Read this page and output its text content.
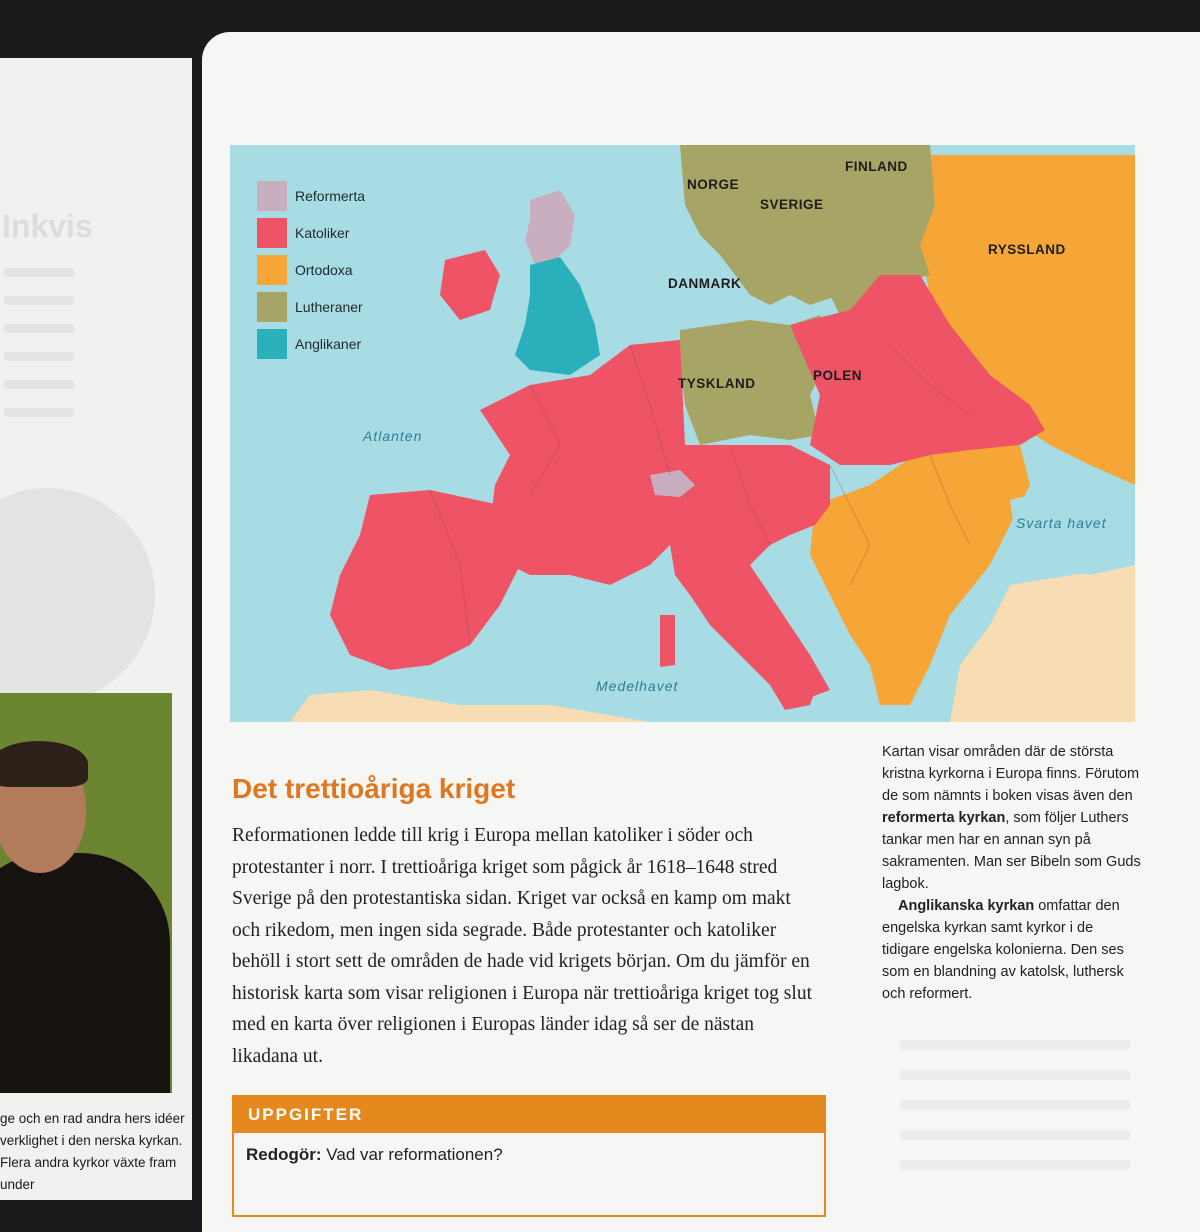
Inkvis
ge och en rad andra hers idéer verklighet i den nerska kyrkan. Flera andra kyrkor växte fram under
Reformerta
Katoliker
Ortodoxa
Lutheraner
Anglikaner
NORGE
SVERIGE
FINLAND
RYSSLAND
DANMARK
TYSKLAND
POLEN
Atlanten
Svarta havet
Medelhavet

Kartan visar områden där de största kristna kyrkorna i Europa finns. Förutom de som nämnts i boken visas även den reformerta kyrkan, som följer Luthers tankar men har en annan syn på sakramenten. Man ser Bibeln som Guds lagbok.

Anglikanska kyrkan omfattar den engelska kyrkan samt kyrkor i de tidigare engelska kolonierna. Den ses som en blandning av katolsk, luthersk och reformert.

Det trettioåriga kriget

Reformationen ledde till krig i Europa mellan katoliker i söder och protestanter i norr. I trettioåriga kriget som pågick år 1618–1648 stred Sverige på den protestantiska sidan. Kriget var också en kamp om makt och rikedom, men ingen sida segrade. Både protestanter och katoliker behöll i stort sett de områden de hade vid krigets början. Om du jämför en historisk karta som visar religionen i Europa när trettioåriga kriget tog slut med en karta över religionen i Europas länder idag så ser de nästan likadana ut.

UPPGIFTER
Redogör: Vad var reformationen?
